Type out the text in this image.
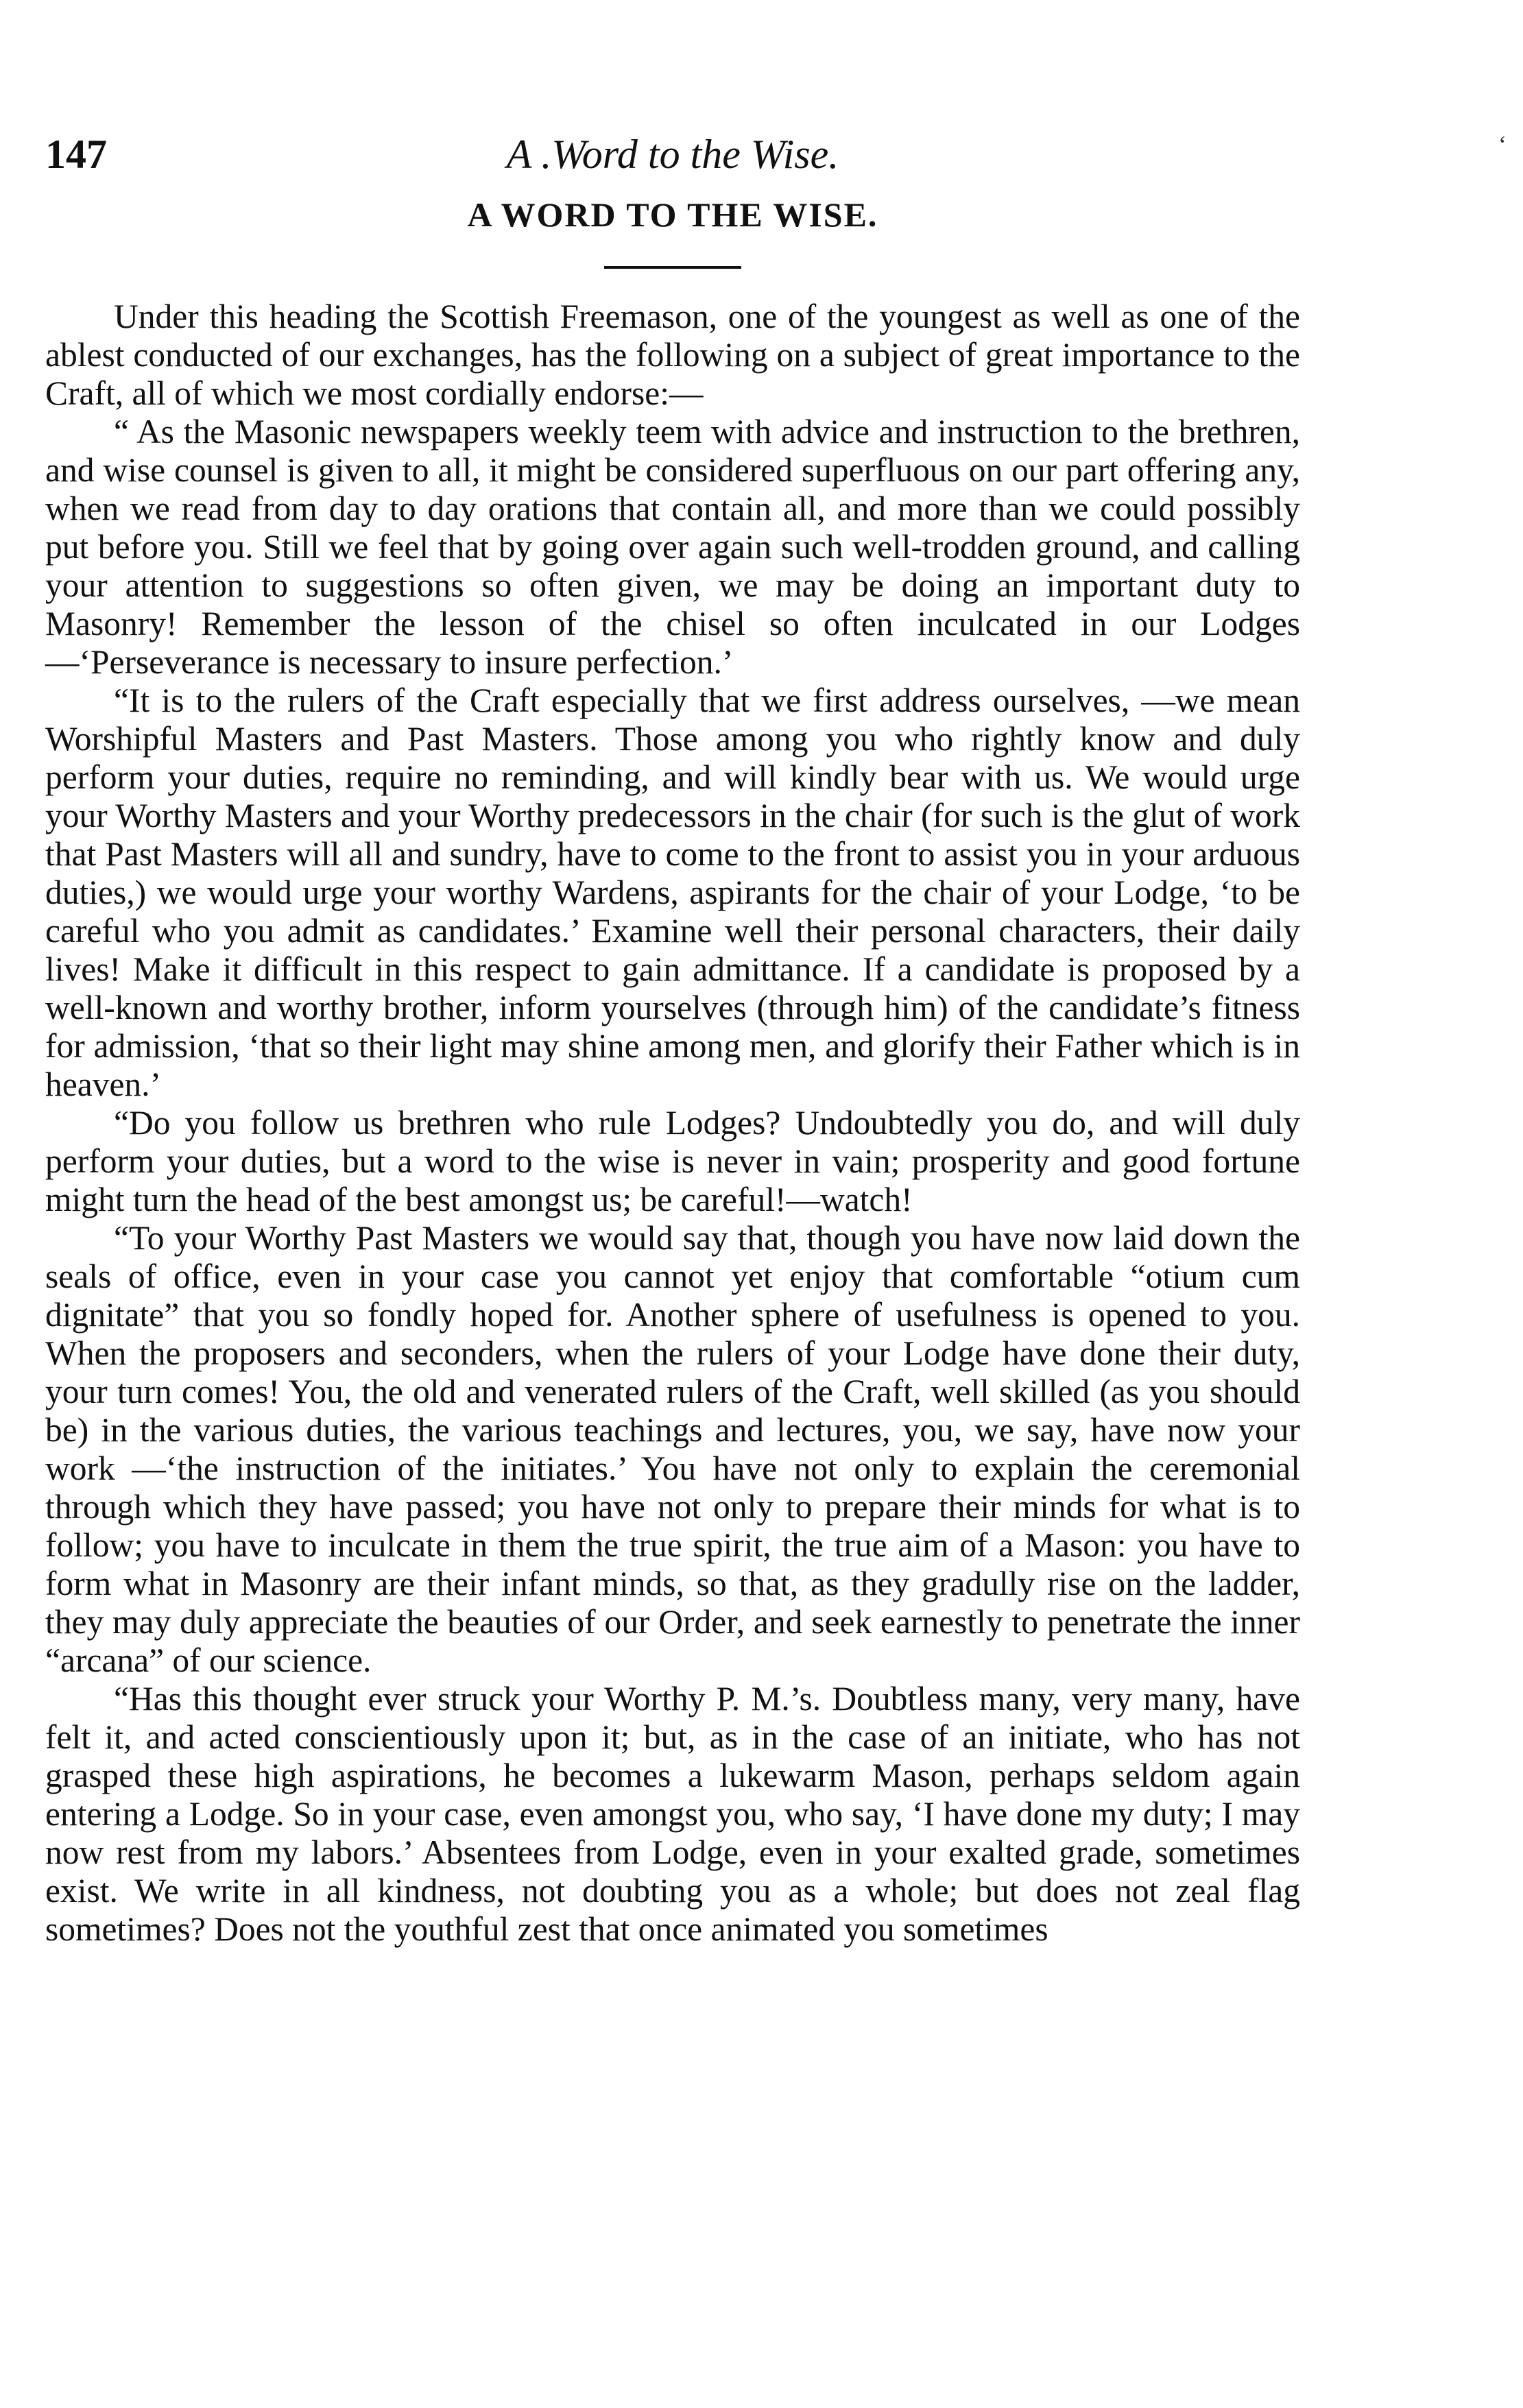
147	A .Word to the Wise.
A WORD TO THE WISE.

Under this heading the Scottish Freemason, one of the youngest as well as one of the ablest conducted of our exchanges, has the following on a subject of great importance to the Craft, all of which we most cordially endorse:—

“ As the Masonic newspapers weekly teem with advice and instruction to the brethren, and wise counsel is given to all, it might be considered superfluous on our part offering any, when we read from day to day orations that contain all, and more than we could possibly put before you. Still we feel that by going over again such well-trodden ground, and calling your attention to suggestions so often given, we may be doing an important duty to Masonry! Remember the lesson of the chisel so often inculcated in our Lodges—‘Perseverance is necessary to insure perfection.’

“It is to the rulers of the Craft especially that we first address ourselves, —we mean Worshipful Masters and Past Masters. Those among you who rightly know and duly perform your duties, require no reminding, and will kindly bear with us. We would urge your Worthy Masters and your Worthy predecessors in the chair (for such is the glut of work that Past Masters will all and sundry, have to come to the front to assist you in your arduous duties,) we would urge your worthy Wardens, aspirants for the chair of your Lodge, ‘to be careful who you admit as candidates.’ Examine well their personal characters, their daily lives! Make it difficult in this respect to gain admittance. If a candidate is proposed by a well-known and worthy brother, inform yourselves (through him) of the candidate’s fitness for admission, ‘that so their light may shine among men, and glorify their Father which is in heaven.’

“Do you follow us brethren who rule Lodges? Undoubtedly you do, and will duly perform your duties, but a word to the wise is never in vain; prosperity and good fortune might turn the head of the best amongst us; be careful!—watch!

“To your Worthy Past Masters we would say that, though you have now laid down the seals of office, even in your case you cannot yet enjoy that comfortable “otium cum dignitate” that you so fondly hoped for. Another sphere of usefulness is opened to you. When the proposers and seconders, when the rulers of your Lodge have done their duty, your turn comes! You, the old and venerated rulers of the Craft, well skilled (as you should be) in the various duties, the various teachings and lectures, you, we say, have now your work —‘the instruction of the initiates.’ You have not only to explain the ceremonial through which they have passed; you have not only to prepare their minds for what is to follow; you have to inculcate in them the true spirit, the true aim of a Mason: you have to form what in Masonry are their infant minds, so that, as they gradully rise on the ladder, they may duly appreciate the beauties of our Order, and seek earnestly to penetrate the inner “arcana” of our science.

“Has this thought ever struck your Worthy P. M.’s. Doubtless many, very many, have felt it, and acted conscientiously upon it; but, as in the case of an initiate, who has not grasped these high aspirations, he becomes a lukewarm Mason, perhaps seldom again entering a Lodge. So in your case, even amongst you, who say, ‘I have done my duty; I may now rest from my labors.’ Absentees from Lodge, even in your exalted grade, sometimes exist. We write in all kindness, not doubting you as a whole; but does not zeal flag sometimes? Does not the youthful zest that once animated you sometimes

‘
